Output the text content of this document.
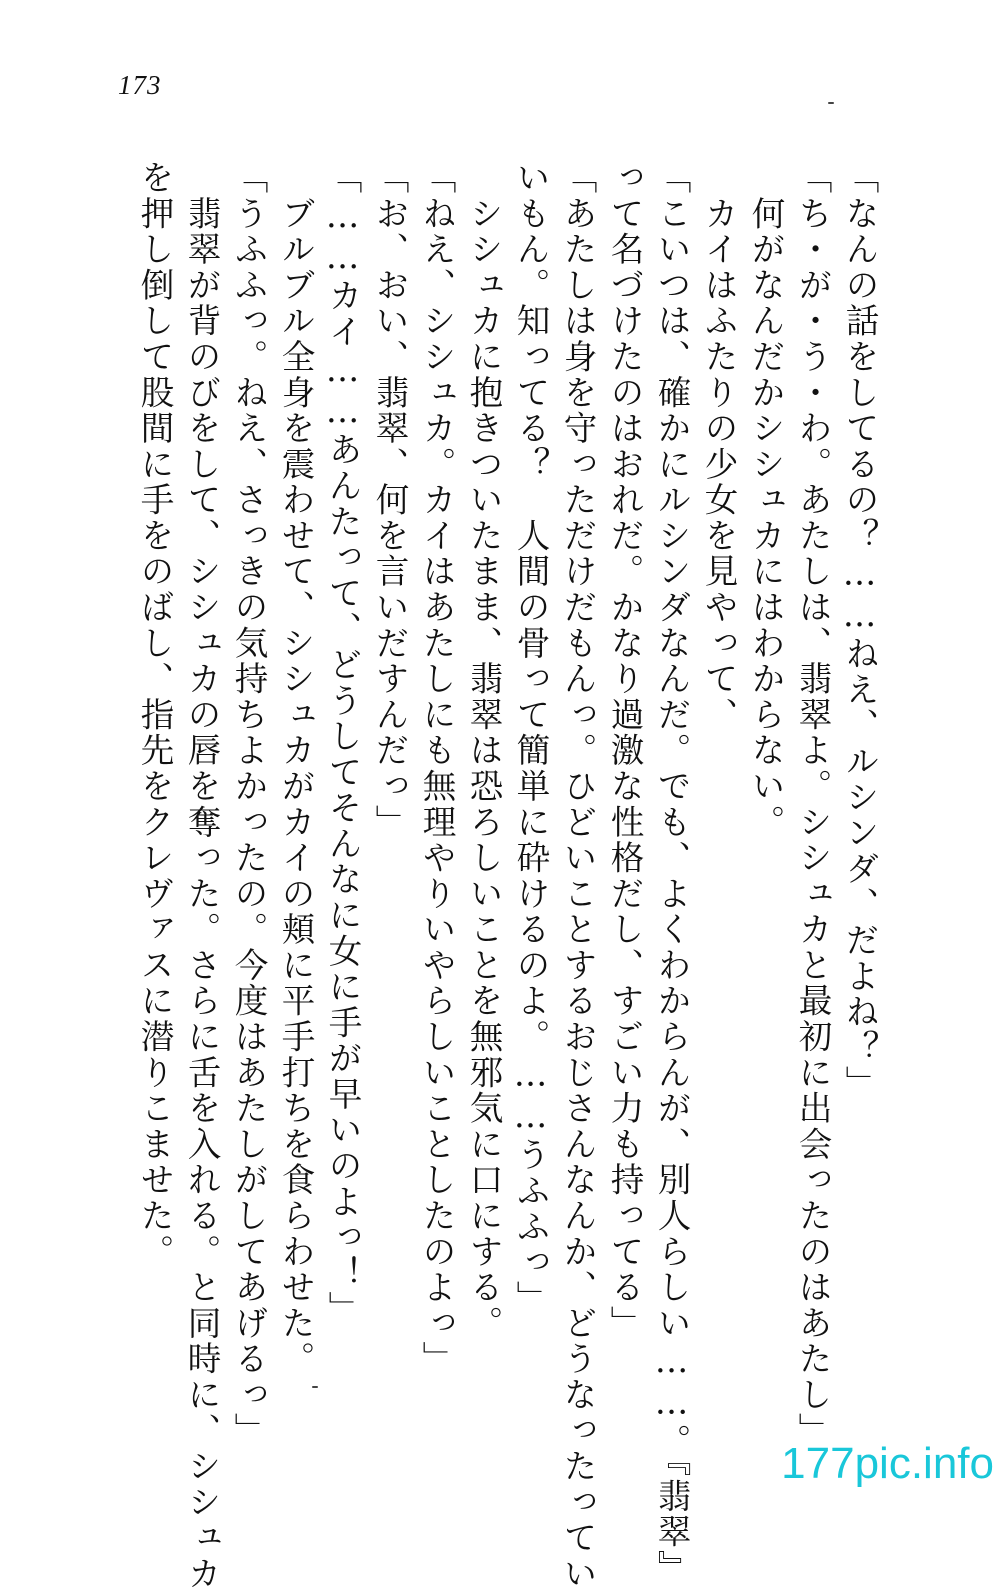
173
「なんの話をしてるの？……ねえ、ルシンダ、だよね？」
「ち・が・う・わ。あたしは、翡翠よ。シシュカと最初に出会ったのはあたし」
　何がなんだかシシュカにはわからない。
　カイはふたりの少女を見やって、
「こいつは、確かにルシンダなんだ。でも、よくわからんが、別人らしい……。『翡翠』
って名づけたのはおれだ。かなり過激な性格だし、すごい力も持ってる」
「あたしは身を守っただけだもんっ。ひどいことするおじさんなんか、どうなったってい
いもん。知ってる？　人間の骨って簡単に砕けるのよ。……うふふっ」
　シシュカに抱きついたまま、翡翠は恐ろしいことを無邪気に口にする。
「ねえ、シシュカ。カイはあたしにも無理やりいやらしいことしたのよっ」
「お、おい、翡翠、何を言いだすんだっ」
「……カイ……あんたって、どうしてそんなに女に手が早いのよっ！」
　ブルブル全身を震わせて、シシュカがカイの頬に平手打ちを食らわせた。
「うふふっ。ねえ、さっきの気持ちよかったの。今度はあたしがしてあげるっ」
　翡翠が背のびをして、シシュカの唇を奪った。さらに舌を入れる。と同時に、シシュカ
を押し倒して股間に手をのばし、指先をクレヴァスに潜りこませた。
177pic.info
